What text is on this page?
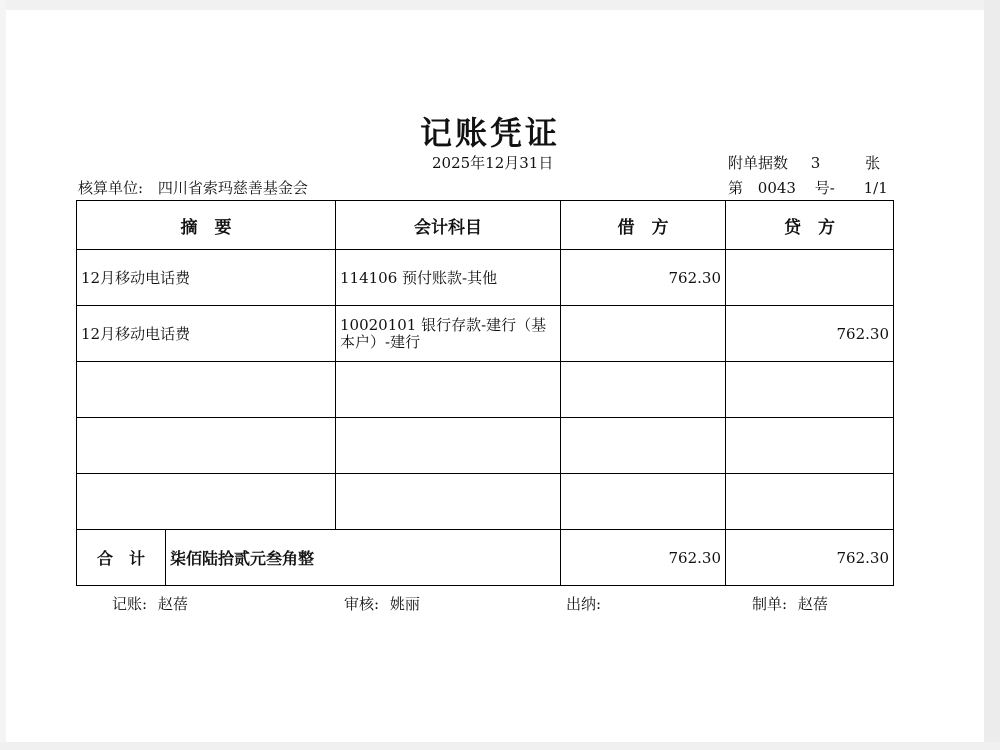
记账凭证
2025年12月31日	附单据数 3	张
核算单位: 四川省索玛慈善基金会	第 0043 号- 1/1
摘　要		会计科目	借　方	贷　方
12月移动电话费		114106 预付账款-其他	762.30	
12月移动电话费		10020101 银行存款-建行（基本户）-建行		762.30

合　计	柒佰陆拾贰元叁角整		762.30	762.30
记账: 赵蓓	审核: 姚丽	出纳:	制单: 赵蓓
